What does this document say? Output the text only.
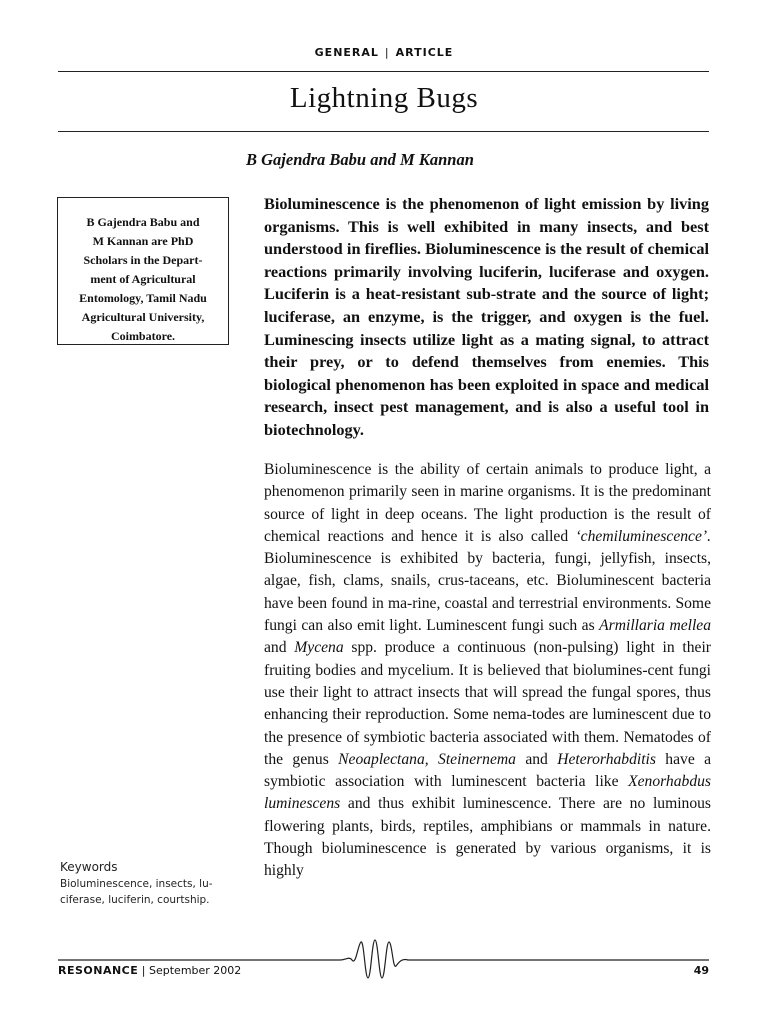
GENERAL | ARTICLE
Lightning Bugs
B Gajendra Babu and M Kannan
B Gajendra Babu and
M Kannan are PhD
Scholars in the Depart-
ment of Agricultural
Entomology, Tamil Nadu
Agricultural University,
Coimbatore.
Bioluminescence is the phenomenon of light emission by living organisms. This is well exhibited in many insects, and best understood in fireflies. Bioluminescence is the result of chemical reactions primarily involving luciferin, luciferase and oxygen. Luciferin is a heat-resistant sub-strate and the source of light; luciferase, an enzyme, is the trigger, and oxygen is the fuel. Luminescing insects utilize light as a mating signal, to attract their prey, or to defend themselves from enemies. This biological phenomenon has been exploited in space and medical research, insect pest management, and is also a useful tool in biotechnology.
Bioluminescence is the ability of certain animals to produce light, a phenomenon primarily seen in marine organisms. It is the predominant source of light in deep oceans. The light production is the result of chemical reactions and hence it is also called ‘chemiluminescence’. Bioluminescence is exhibited by bacteria, fungi, jellyfish, insects, algae, fish, clams, snails, crus-taceans, etc. Bioluminescent bacteria have been found in ma-rine, coastal and terrestrial environments. Some fungi can also emit light. Luminescent fungi such as Armillaria mellea and Mycena spp. produce a continuous (non-pulsing) light in their fruiting bodies and mycelium. It is believed that biolumines-cent fungi use their light to attract insects that will spread the fungal spores, thus enhancing their reproduction. Some nema-todes are luminescent due to the presence of symbiotic bacteria associated with them. Nematodes of the genus Neoaplectana, Steinernema and Heterorhabditis have a symbiotic association with luminescent bacteria like Xenorhabdus luminescens and thus exhibit luminescence. There are no luminous flowering plants, birds, reptiles, amphibians or mammals in nature. Though bioluminescence is generated by various organisms, it is highly
Keywords
Bioluminescence, insects, lu-ciferase, luciferin, courtship.
RESONANCE | September 2002	49
